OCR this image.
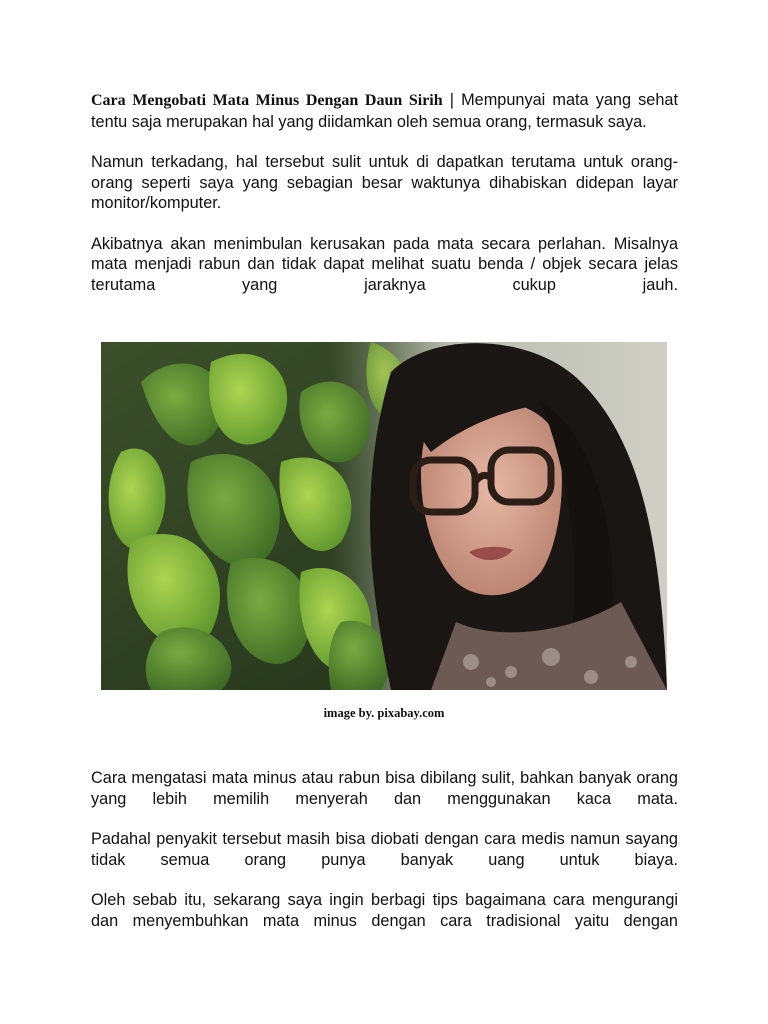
Cara Mengobati Mata Minus Dengan Daun Sirih | Mempunyai mata yang sehat tentu saja merupakan hal yang diidamkan oleh semua orang, termasuk saya.

Namun terkadang, hal tersebut sulit untuk di dapatkan terutama untuk orang-orang seperti saya yang sebagian besar waktunya dihabiskan didepan layar monitor/komputer.

Akibatnya akan menimbulan kerusakan pada mata secara perlahan. Misalnya mata menjadi rabun dan tidak dapat melihat suatu benda / objek secara jelas terutama yang jaraknya cukup jauh.

image by. pixabay.com

Cara mengatasi mata minus atau rabun bisa dibilang sulit, bahkan banyak orang yang lebih memilih menyerah dan menggunakan kaca mata.

Padahal penyakit tersebut masih bisa diobati dengan cara medis namun sayang tidak semua orang punya banyak uang untuk biaya.

Oleh sebab itu, sekarang saya ingin berbagi tips bagaimana cara mengurangi dan menyembuhkan mata minus dengan cara tradisional yaitu dengan
